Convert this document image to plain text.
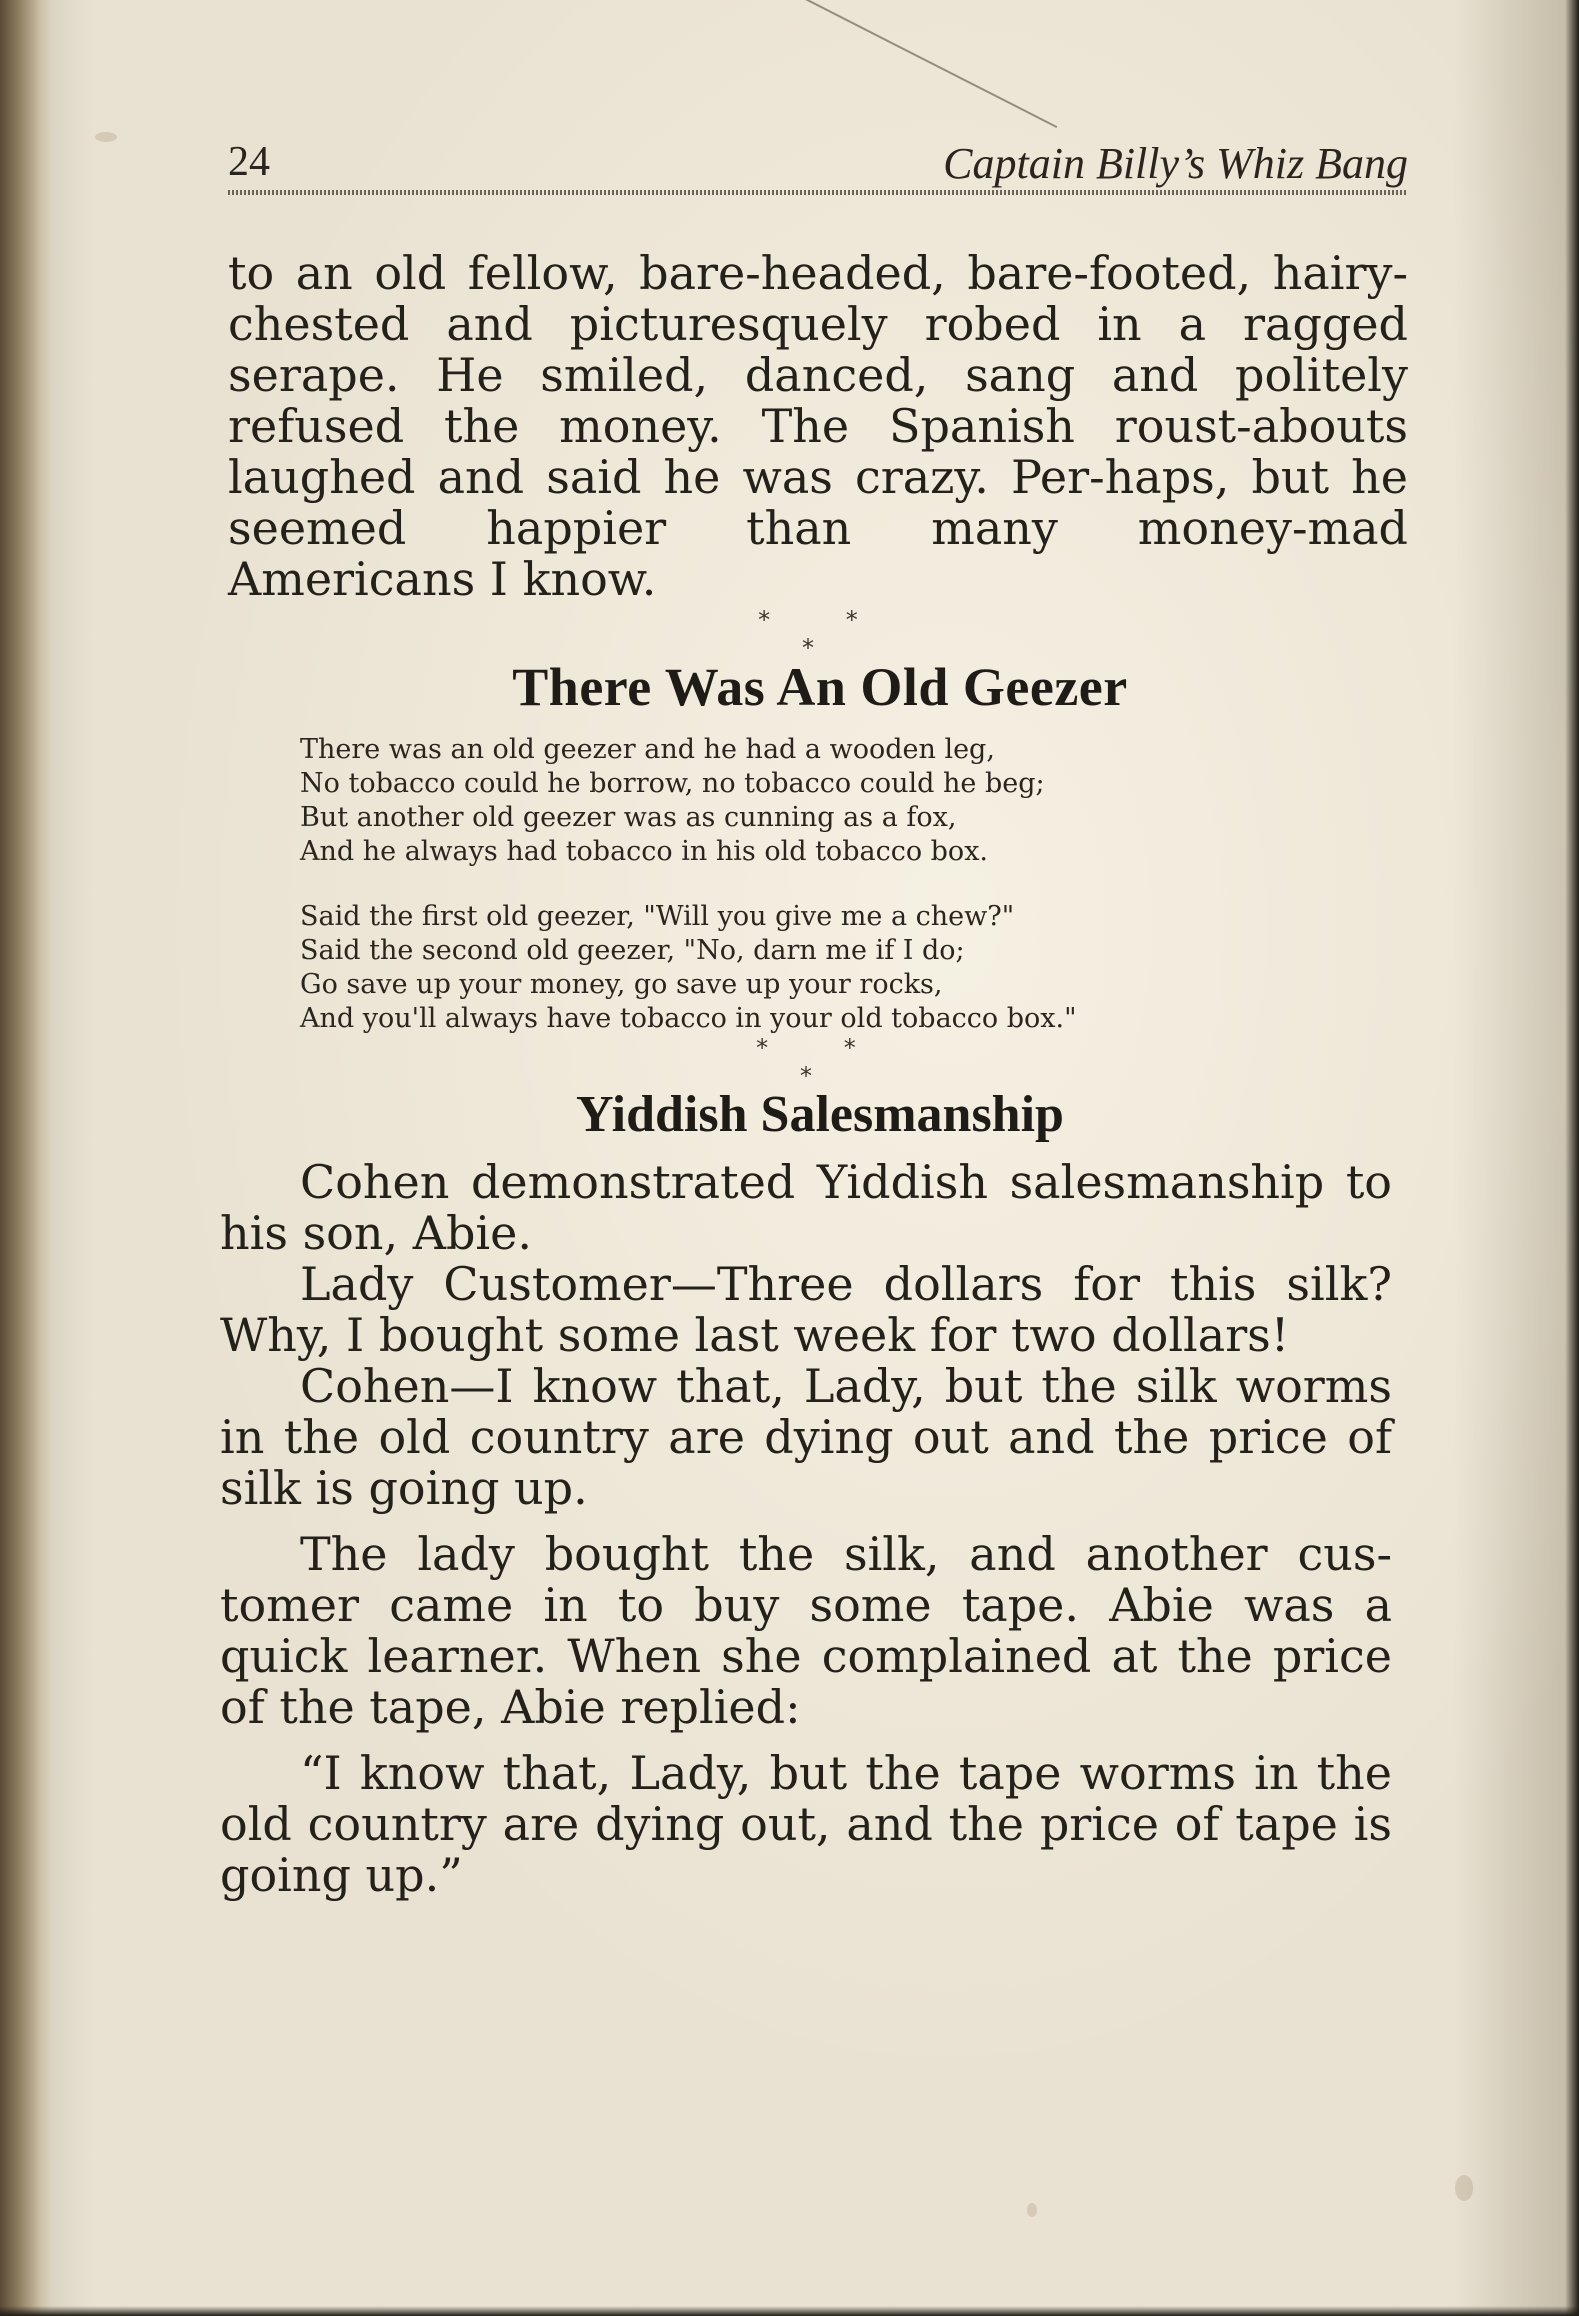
24	Captain Billy’s Whiz Bang

to an old fellow, bare-headed, bare-footed, hairy-chested and picturesquely robed in a ragged serape. He smiled, danced, sang and politely refused the money. The Spanish roust-abouts laughed and said he was crazy. Per-haps, but he seemed happier than many money-mad Americans I know.

* * *
There Was An Old Geezer
There was an old geezer and he had a wooden leg,
No tobacco could he borrow, no tobacco could he beg;
But another old geezer was as cunning as a fox,
And he always had tobacco in his old tobacco box.
Said the first old geezer, "Will you give me a chew?"
Said the second old geezer, "No, darn me if I do;
Go save up your money, go save up your rocks,
And you'll always have tobacco in your old tobacco box."
* * *
Yiddish Salesmanship

Cohen demonstrated Yiddish salesmanship to his son, Abie.

Lady Customer—Three dollars for this silk? Why, I bought some last week for two dollars!

Cohen—I know that, Lady, but the silk worms in the old country are dying out and the price of silk is going up.

The lady bought the silk, and another cus-tomer came in to buy some tape. Abie was a quick learner. When she complained at the price of the tape, Abie replied:

“I know that, Lady, but the tape worms in the old country are dying out, and the price of tape is going up.”
